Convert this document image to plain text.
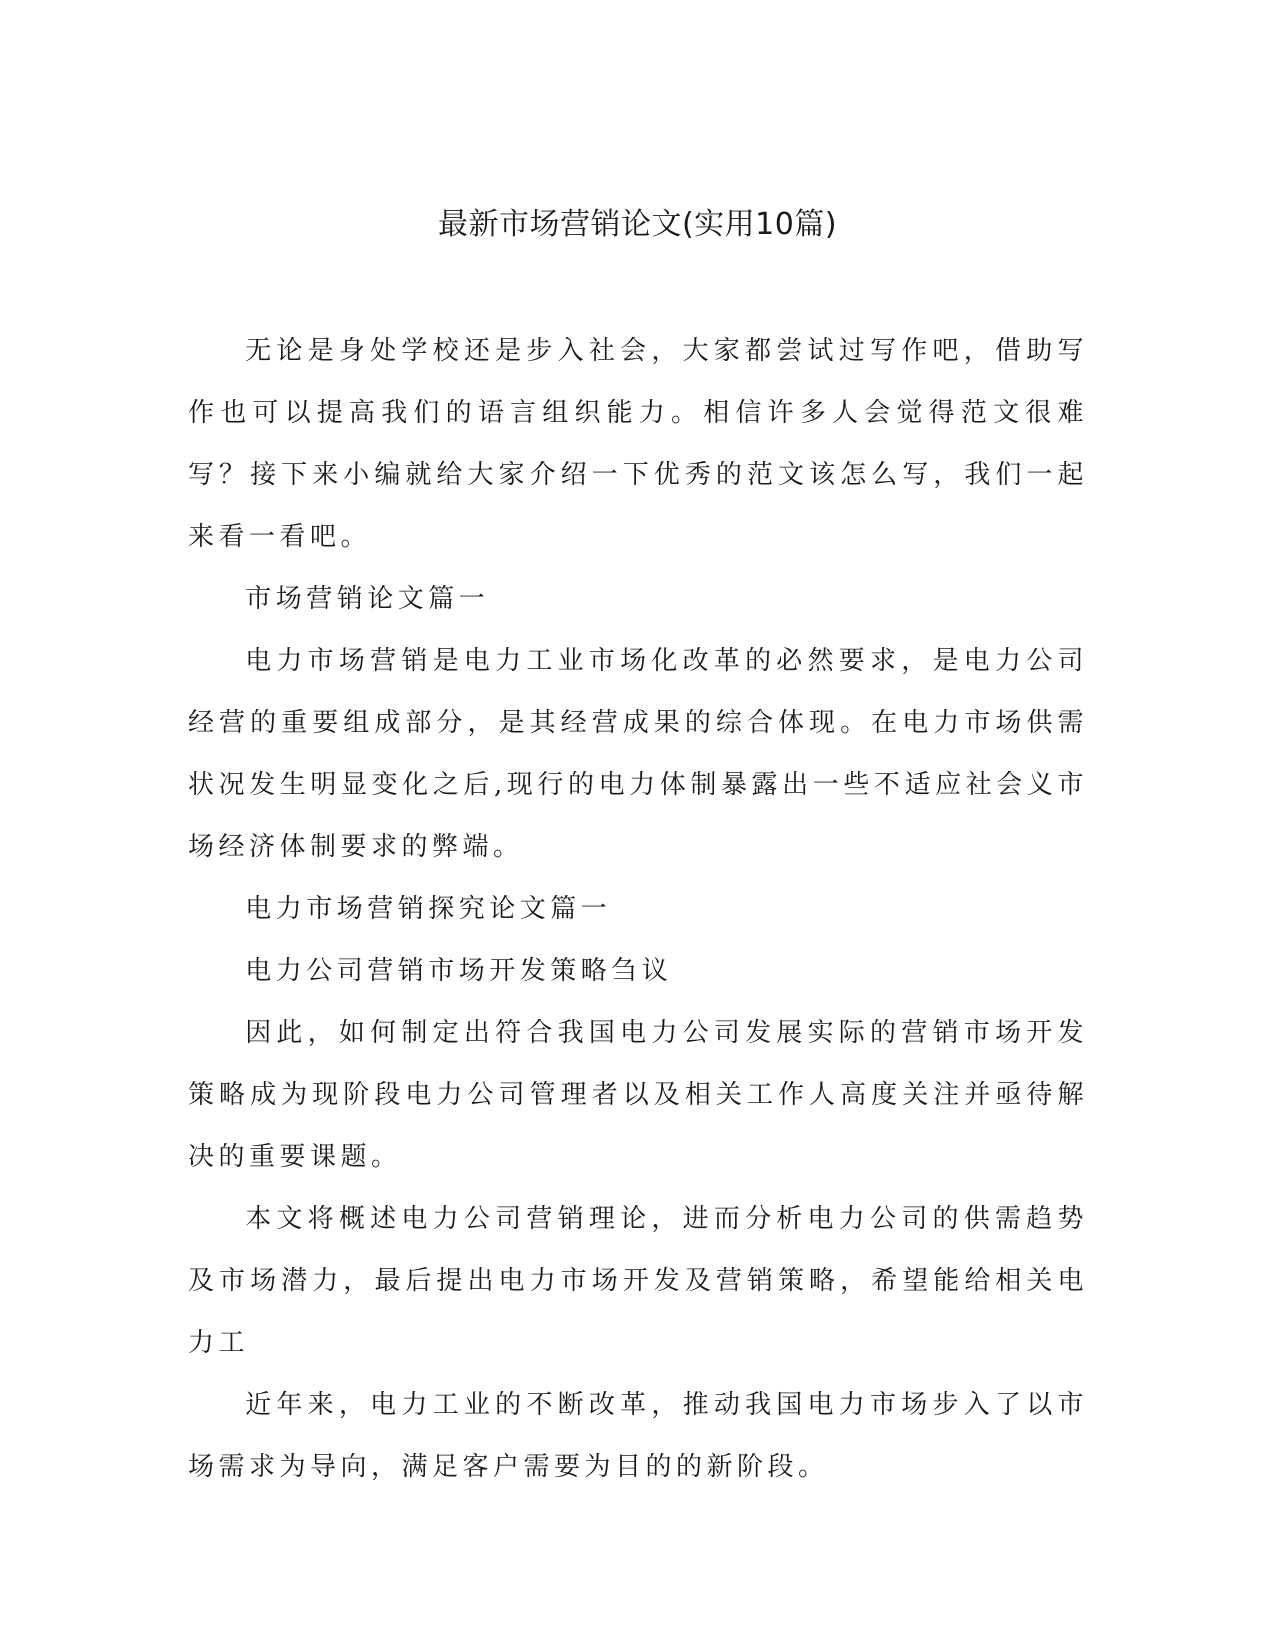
最新市场营销论文(实用10篇)

无论是身处学校还是步入社会，大家都尝试过写作吧，借助写作也可以提高我们的语言组织能力。相信许多人会觉得范文很难写？接下来小编就给大家介绍一下优秀的范文该怎么写，我们一起来看一看吧。

市场营销论文篇一

电力市场营销是电力工业市场化改革的必然要求，是电力公司经营的重要组成部分，是其经营成果的综合体现。在电力市场供需状况发生明显变化之后,现行的电力体制暴露出一些不适应社会义市场经济体制要求的弊端。

电力市场营销探究论文篇一

电力公司营销市场开发策略刍议

因此，如何制定出符合我国电力公司发展实际的营销市场开发策略成为现阶段电力公司管理者以及相关工作人高度关注并亟待解决的重要课题。

本文将概述电力公司营销理论，进而分析电力公司的供需趋势及市场潜力，最后提出电力市场开发及营销策略，希望能给相关电力工

近年来，电力工业的不断改革，推动我国电力市场步入了以市场需求为导向，满足客户需要为目的的新阶段。
